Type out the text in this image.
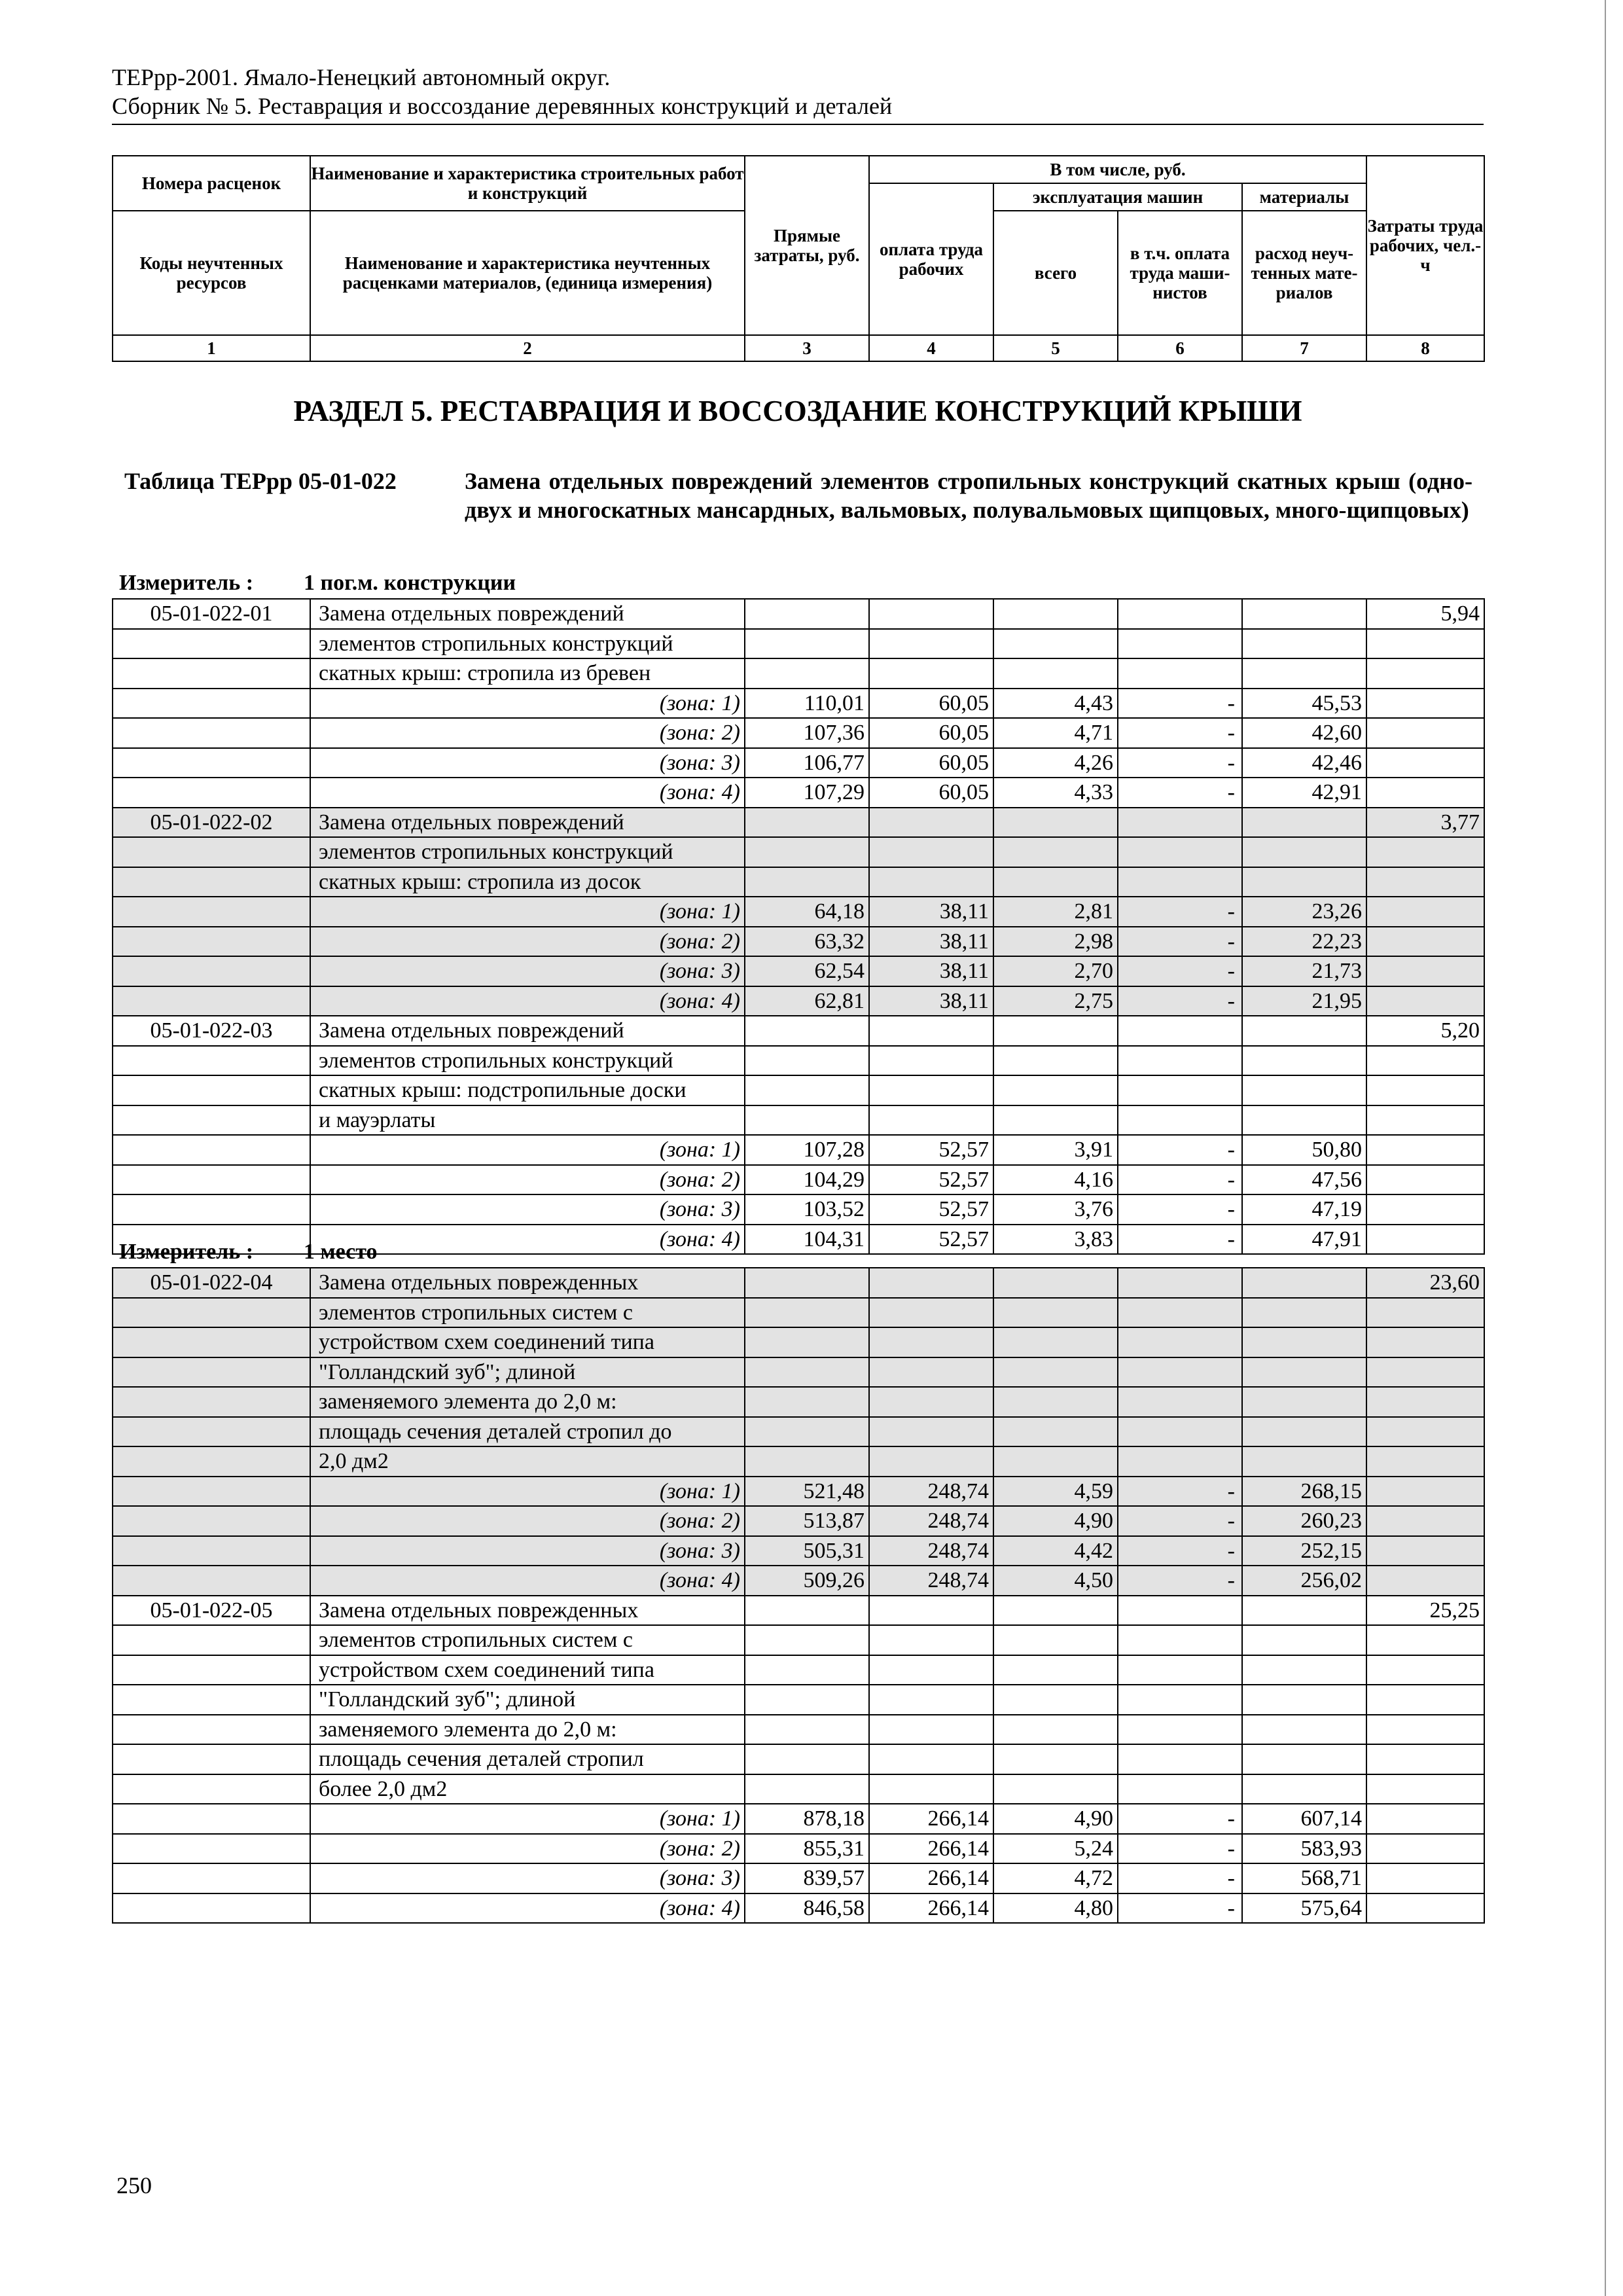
ТЕРрр-2001. Ямало-Ненецкий автономный округ.
Сборник № 5. Реставрация и воссоздание деревянных конструкций и деталей
Номера расценок	Наименование и характеристика строительных работ и конструкций	Прямые затраты, руб.	В том числе, руб.				Затраты труда рабочих, чел.-ч
			оплата труда рабочих	эксплуатация машин		материалы	
Коды неучтенных ресурсов	Наименование и характеристика неучтенных расценками материалов, (единица измерения)			всего	в т.ч. оплата труда маши-нистов	расход неуч-тенных мате-риалов	

1	2	3	4	5	6	7	8
РАЗДЕЛ 5. РЕСТАВРАЦИЯ И ВОССОЗДАНИЕ КОНСТРУКЦИЙ КРЫШИ
Таблица ТЕРрр 05-01-022	Замена отдельных повреждений элементов стропильных конструкций скатных крыш (одно-двух и многоскатных мансардных, вальмовых, полувальмовых щипцовых, много-щипцовых)
Измеритель : 1 пог.м. конструкции
05-01-022-01	Замена отдельных повреждений						5,94
	элементов стропильных конструкций						
	скатных крыш: стропила из бревен						
	(зона: 1)	110,01	60,05	4,43	-	45,53	
	(зона: 2)	107,36	60,05	4,71	-	42,60	
	(зона: 3)	106,77	60,05	4,26	-	42,46	
	(зона: 4)	107,29	60,05	4,33	-	42,91	
05-01-022-02	Замена отдельных повреждений						3,77
	элементов стропильных конструкций						
	скатных крыш: стропила из досок						
	(зона: 1)	64,18	38,11	2,81	-	23,26	
	(зона: 2)	63,32	38,11	2,98	-	22,23	
	(зона: 3)	62,54	38,11	2,70	-	21,73	
	(зона: 4)	62,81	38,11	2,75	-	21,95	
05-01-022-03	Замена отдельных повреждений						5,20
	элементов стропильных конструкций						
	скатных крыш: подстропильные доски						
	и мауэрлаты						
	(зона: 1)	107,28	52,57	3,91	-	50,80	
	(зона: 2)	104,29	52,57	4,16	-	47,56	
	(зона: 3)	103,52	52,57	3,76	-	47,19	
	(зона: 4)	104,31	52,57	3,83	-	47,91	
Измеритель : 1 место
05-01-022-04	Замена отдельных поврежденных						23,60
	элементов стропильных систем с						
	устройством схем соединений типа						
	"Голландский зуб"; длиной						
	заменяемого элемента до 2,0 м:						
	площадь сечения деталей стропил до						
	2,0 дм2						
	(зона: 1)	521,48	248,74	4,59	-	268,15	
	(зона: 2)	513,87	248,74	4,90	-	260,23	
	(зона: 3)	505,31	248,74	4,42	-	252,15	
	(зона: 4)	509,26	248,74	4,50	-	256,02	
05-01-022-05	Замена отдельных поврежденных						25,25
	элементов стропильных систем с						
	устройством схем соединений типа						
	"Голландский зуб"; длиной						
	заменяемого элемента до 2,0 м:						
	площадь сечения деталей стропил						
	более 2,0 дм2						
	(зона: 1)	878,18	266,14	4,90	-	607,14	
	(зона: 2)	855,31	266,14	5,24	-	583,93	
	(зона: 3)	839,57	266,14	4,72	-	568,71	
	(зона: 4)	846,58	266,14	4,80	-	575,64	
250
